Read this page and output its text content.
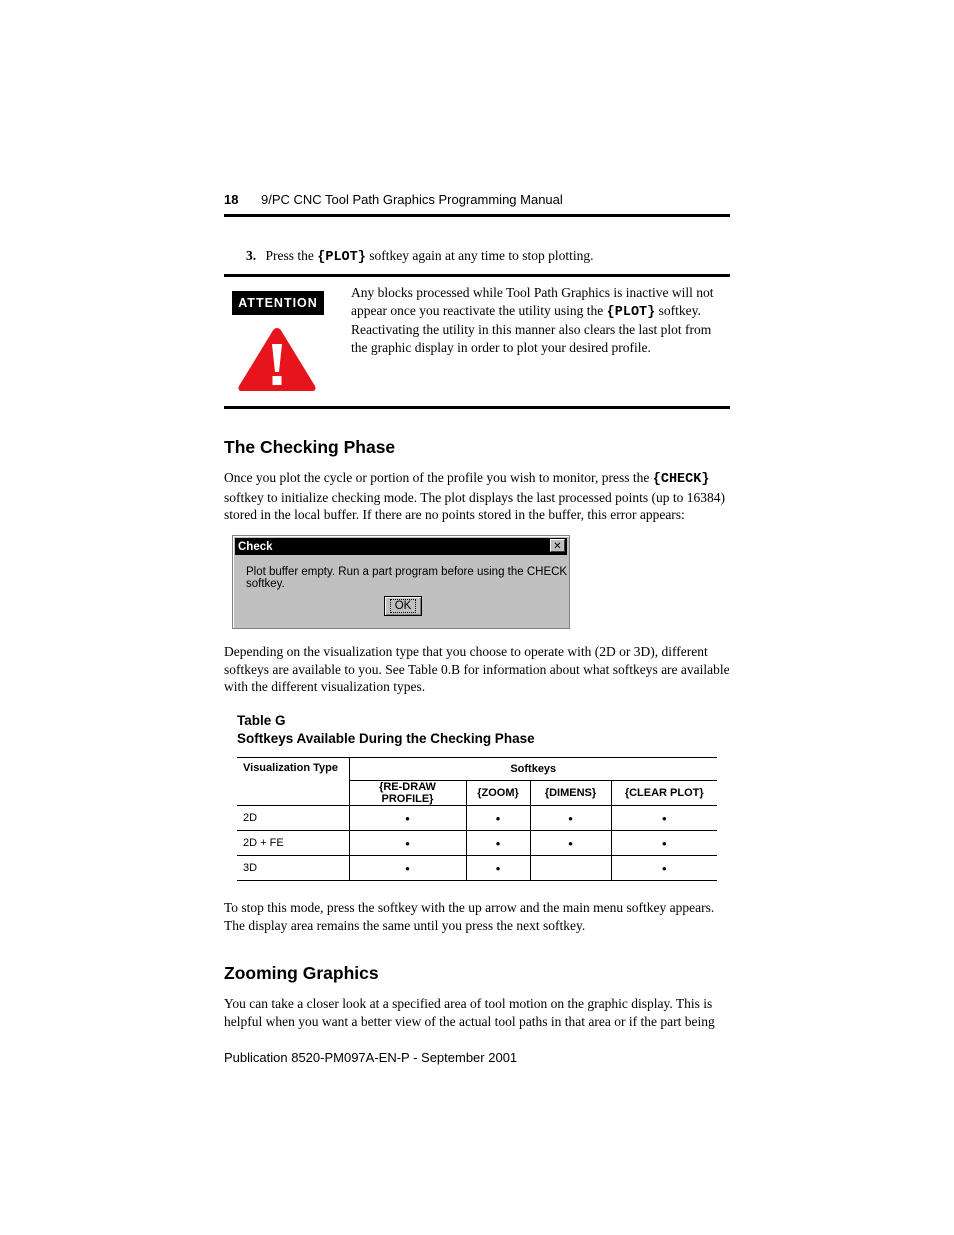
18 9/PC CNC Tool Path Graphics Programming Manual
3. Press the {PLOT} softkey again at any time to stop plotting.
ATTENTION
Any blocks processed while Tool Path Graphics is inactive will not appear once you reactivate the utility using the {PLOT} softkey. Reactivating the utility in this manner also clears the last plot from the graphic display in order to plot your desired profile.
The Checking Phase
Once you plot the cycle or portion of the profile you wish to monitor, press the {CHECK} softkey to initialize checking mode. The plot displays the last processed points (up to 16384) stored in the local buffer. If there are no points stored in the buffer, this error appears:
Check	✕
Plot buffer empty. Run a part program before using the CHECK softkey.
OK
Depending on the visualization type that you choose to operate with (2D or 3D), different softkeys are available to you. See Table 0.B for information about what softkeys are available with the different visualization types.
Table G
Softkeys Available During the Checking Phase
Visualization Type	Softkeys			
	{RE-DRAW PROFILE}	{ZOOM}	{DIMENS}	{CLEAR PLOT}
2D	•	•	•	•
2D + FE	•	•	•	•
3D	•	•		•
To stop this mode, press the softkey with the up arrow and the main menu softkey appears. The display area remains the same until you press the next softkey.
Zooming Graphics
You can take a closer look at a specified area of tool motion on the graphic display. This is helpful when you want a better view of the actual tool paths in that area or if the part being
Publication 8520-PM097A-EN-P - September 2001
